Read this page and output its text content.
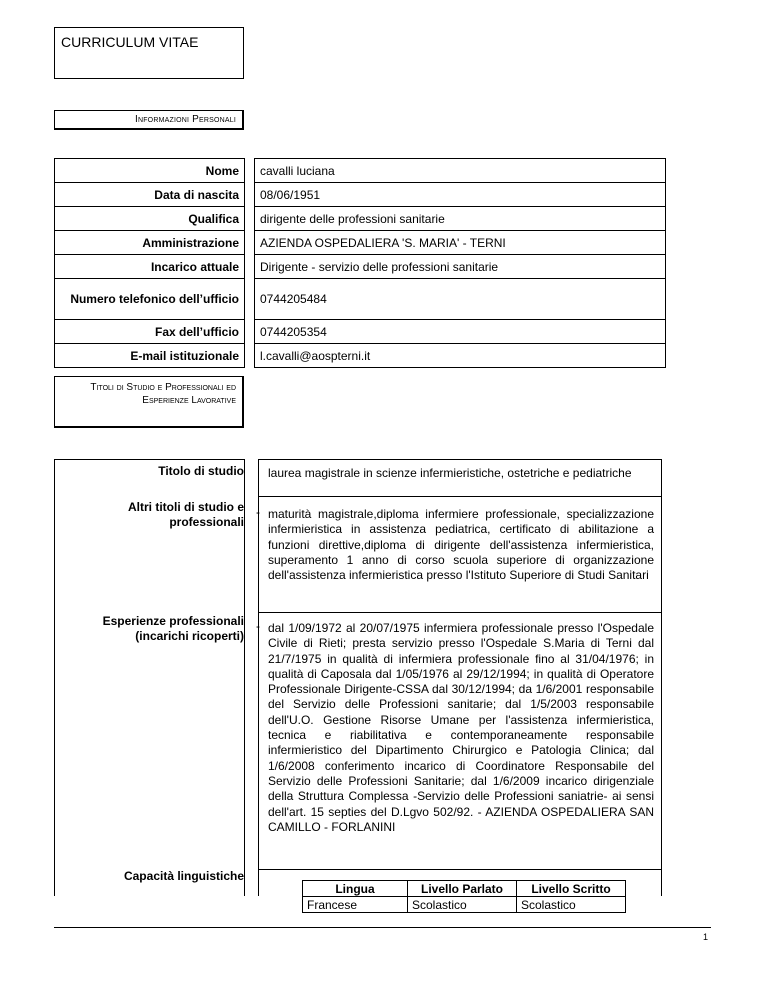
CURRICULUM VITAE
Informazioni Personali
Nome		cavalli luciana
Data di nascita		08/06/1951
Qualifica		dirigente delle professioni sanitarie
Amministrazione		AZIENDA OSPEDALIERA 'S. MARIA' - TERNI
Incarico attuale		Dirigente - servizio delle professioni sanitarie
Numero telefonico dell’ufficio		0744205484
Fax dell’ufficio		0744205354
E-mail istituzionale		l.cavalli@aospterni.it
Titoli di Studio e Professionali ed Esperienze Lavorative
Titolo di studio laurea magistrale in scienze infermieristiche, ostetriche e pediatriche
Altri titoli di studio e professionali
- maturità magistrale,diploma infermiere professionale, specializzazione infermieristica in assistenza pediatrica, certificato di abilitazione a funzioni direttive,diploma di dirigente dell'assistenza infermieristica, superamento 1 anno di corso scuola superiore di organizzazione dell'assistenza infermieristica presso l'Istituto Superiore di Studi Sanitari
Esperienze professionali (incarichi ricoperti)
- dal 1/09/1972 al 20/07/1975 infermiera professionale presso l'Ospedale Civile di Rieti; presta servizio presso l'Ospedale S.Maria di Terni dal 21/7/1975 in qualità di infermiera professionale fino al 31/04/1976; in qualità di Caposala dal 1/05/1976 al 29/12/1994; in qualità di Operatore Professionale Dirigente-CSSA dal 30/12/1994; da 1/6/2001 responsabile del Servizio delle Professioni sanitarie; dal 1/5/2003 responsabile dell'U.O. Gestione Risorse Umane per l'assistenza infermieristica, tecnica e riabilitativa e contemporaneamente responsabile infermieristico del Dipartimento Chirurgico e Patologia Clinica; dal 1/6/2008 conferimento incarico di Coordinatore Responsabile del Servizio delle Professioni Sanitarie; dal 1/6/2009 incarico dirigenziale della Struttura Complessa -Servizio delle Professioni saniatrie- ai sensi dell'art. 15 septies del D.Lgvo 502/92. - AZIENDA OSPEDALIERA SAN CAMILLO - FORLANINI
Capacità linguistiche
Lingua	Livello Parlato	Livello Scritto
Francese	Scolastico	Scolastico
1
